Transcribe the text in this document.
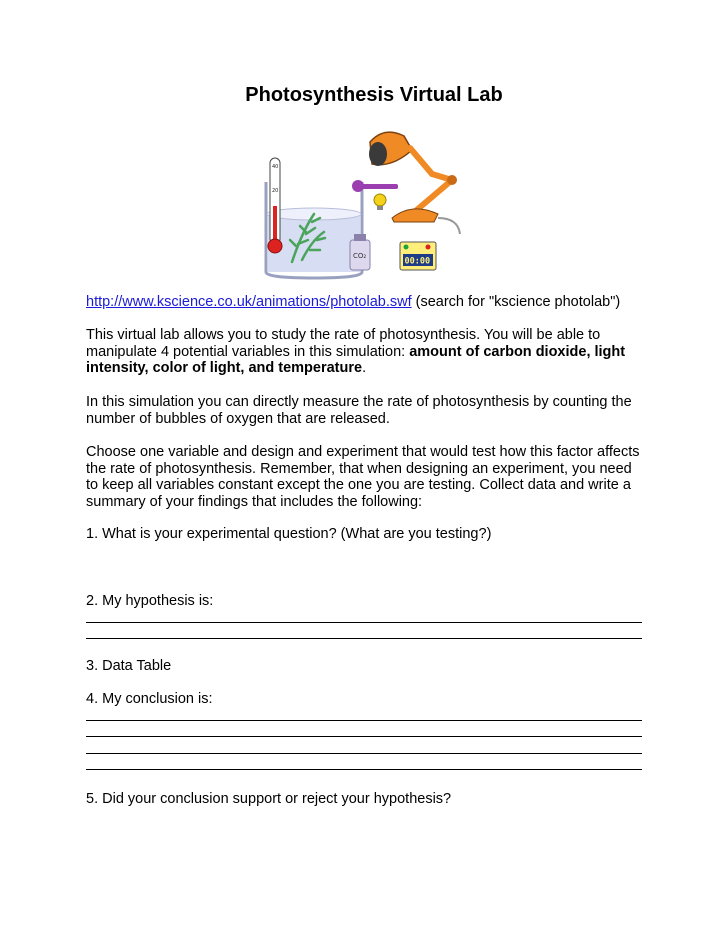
Photosynthesis Virtual Lab
40
20
CO₂
00:00

http://www.kscience.co.uk/animations/photolab.swf (search for "kscience photolab")

This virtual lab allows you to study the rate of photosynthesis. You will be able to manipulate 4 potential variables in this simulation: amount of carbon dioxide, light intensity, color of light, and temperature.

In this simulation you can directly measure the rate of photosynthesis by counting the number of bubbles of oxygen that are released.

Choose one variable and design and experiment that would test how this factor affects the rate of photosynthesis. Remember, that when designing an experiment, you need to keep all variables constant except the one you are testing. Collect data and write a summary of your findings that includes the following:

1. What is your experimental question? (What are you testing?)

2. My hypothesis is:

3. Data Table

4. My conclusion is:

5. Did your conclusion support or reject your hypothesis?
